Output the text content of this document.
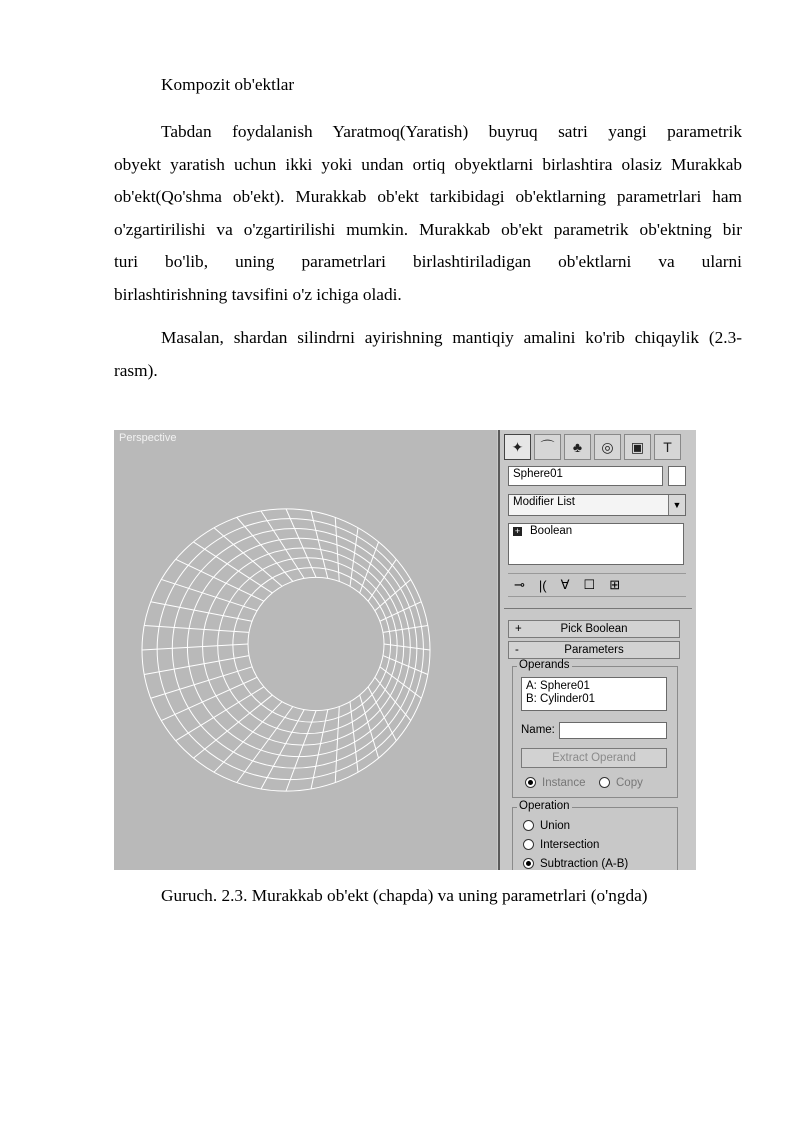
Kompozit ob'ektlar

Tabdan foydalanish Yaratmoq(Yaratish) buyruq satri yangi parametrik

obyekt yaratish uchun ikki yoki undan ortiq obyektlarni birlashtira olasiz Murakkab

ob'ekt(Qo'shma ob'ekt). Murakkab ob'ekt tarkibidagi ob'ektlarning parametrlari ham

o'zgartirilishi va o'zgartirilishi mumkin. Murakkab ob'ekt parametrik ob'ektning bir

turi bo'lib, uning parametrlari birlashtiriladigan ob'ektlarni va ularni

birlashtirishning tavsifini o'z ichiga oladi.

Masalan, shardan silindrni ayirishning mantiqiy amalini ko'rib chiqaylik (2.3-

rasm).

Perspective
✦	⌒	♣	◎	▣	T
Sphere01
Modifier List	▼
+ Boolean
⊸ |( ∀ ☐ ⊞
+	Pick Boolean
-	Parameters
Operands
A: Sphere01
B: Cylinder01
Name:
Extract Operand
Instance	Copy
Operation
Union
Intersection
Subtraction (A-B)

Guruch. 2.3. Murakkab ob'ekt (chapda) va uning parametrlari (o'ngda)
